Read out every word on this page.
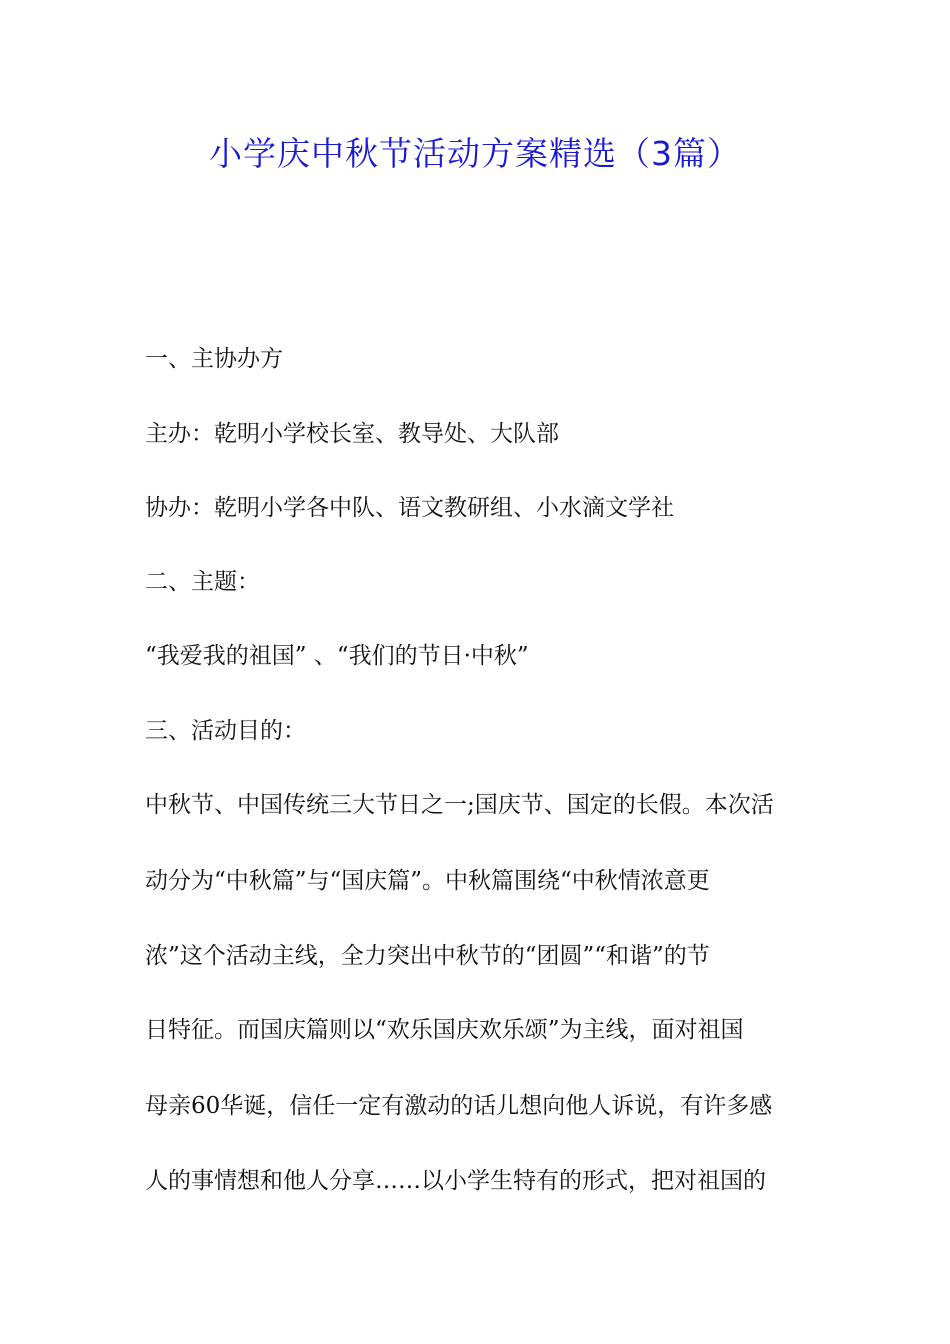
小学庆中秋节活动方案精选（3篇）
一、主协办方
主办：乾明小学校长室、教导处、大队部
协办：乾明小学各中队、语文教研组、小水滴文学社
二、主题：
“我爱我的祖国” 、“我们的节日·中秋”
三、活动目的：
中秋节、中国传统三大节日之一;国庆节、国定的长假。本次活
动分为“中秋篇”与“国庆篇”。中秋篇围绕“中秋情浓意更
浓”这个活动主线，全力突出中秋节的“团圆”“和谐”的节
日特征。而国庆篇则以“欢乐国庆欢乐颂”为主线，面对祖国
母亲60华诞，信任一定有激动的话儿想向他人诉说，有许多感
人的事情想和他人分享……以小学生特有的形式，把对祖国的
